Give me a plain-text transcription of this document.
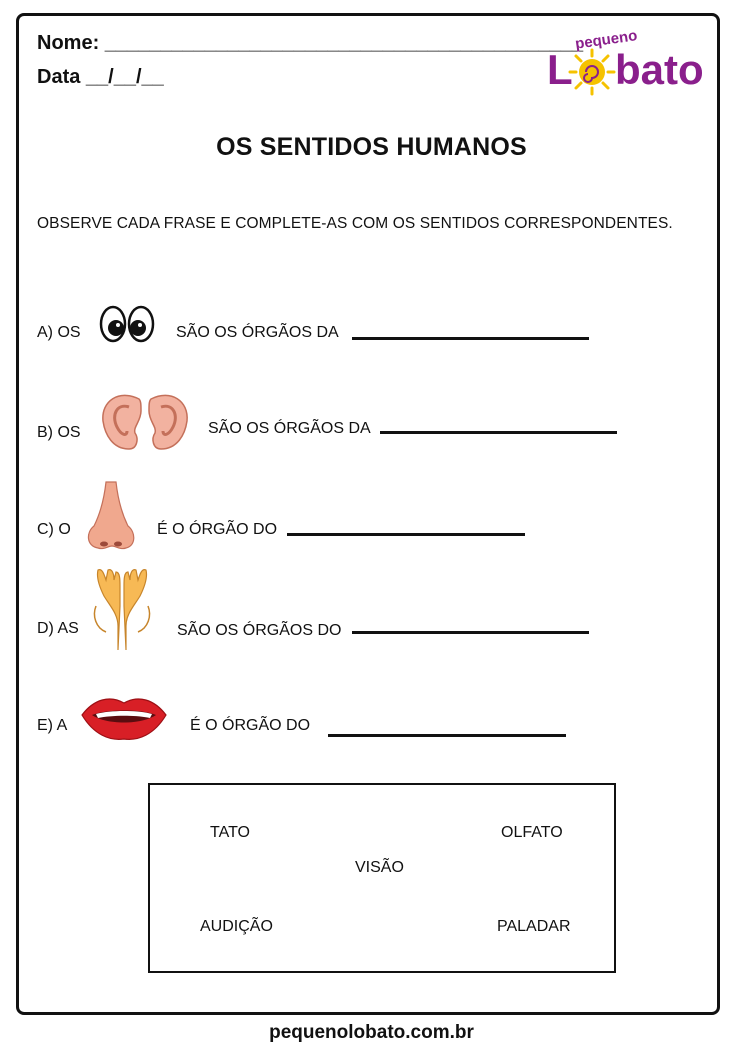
Nome: ___________________________________________
Data __/__/__
pequeno
L bato
OS SENTIDOS HUMANOS
OBSERVE CADA FRASE E COMPLETE-AS COM OS SENTIDOS CORRESPONDENTES.
A) OS	SÃO OS ÓRGÃOS DA
B) OS	SÃO OS ÓRGÃOS DA
C) O	É O ÓRGÃO DO
D) AS	SÃO OS ÓRGÃOS DO
E) A	É O ÓRGÃO DO
TATO	OLFATO
VISÃO
AUDIÇÃO	PALADAR
pequenolobato.com.br
